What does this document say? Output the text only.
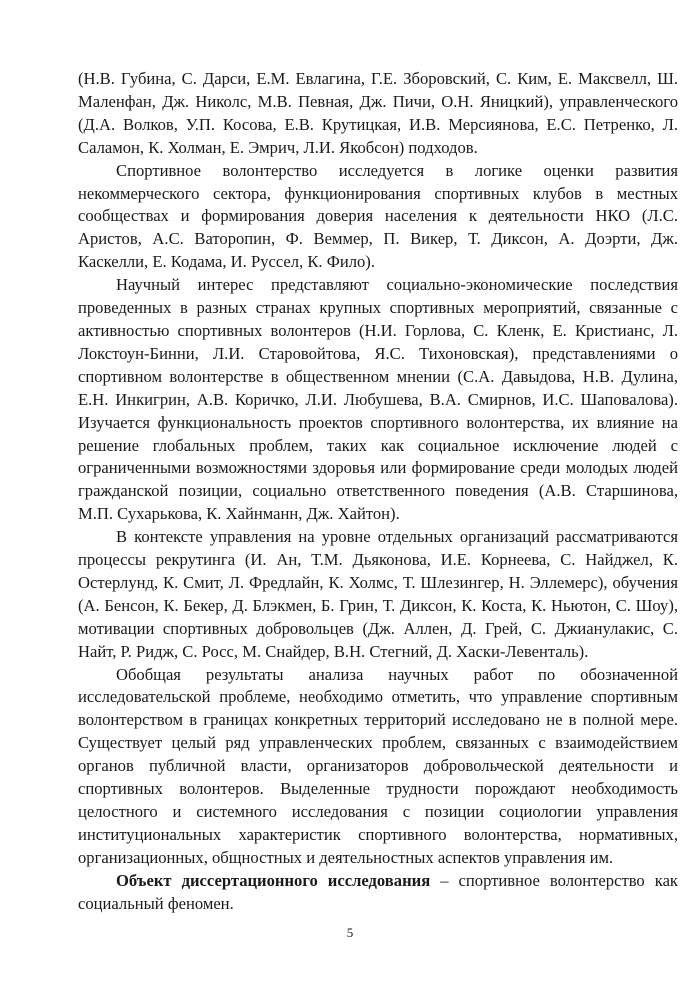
(Н.В. Губина, С. Дарси, Е.М. Евлагина, Г.Е. Зборовский, С. Ким, Е. Максвелл, Ш. Маленфан, Дж. Николс, М.В. Певная, Дж. Пичи, О.Н. Яницкий), управленческого (Д.А. Волков, У.П. Косова, Е.В. Крутицкая, И.В. Мерсиянова, Е.С. Петренко, Л. Саламон, К. Холман, Е. Эмрич, Л.И. Якобсон) подходов.

Спортивное волонтерство исследуется в логике оценки развития некоммерческого сектора, функционирования спортивных клубов в местных сообществах и формирования доверия населения к деятельности НКО (Л.С. Аристов, А.С. Ваторопин, Ф. Веммер, П. Викер, Т. Диксон, А. Доэрти, Дж. Каскелли, Е. Кодама, И. Руссел, К. Фило).

Научный интерес представляют социально-экономические последствия проведенных в разных странах крупных спортивных мероприятий, связанные с активностью спортивных волонтеров (Н.И. Горлова, С. Кленк, Е. Кристианс, Л. Локстоун-Бинни, Л.И. Старовойтова, Я.С. Тихоновская), представлениями о спортивном волонтерстве в общественном мнении (С.А. Давыдова, Н.В. Дулина, Е.Н. Инкигрин, А.В. Коричко, Л.И. Любушева, В.А. Смирнов, И.С. Шаповалова). Изучается функциональность проектов спортивного волонтерства, их влияние на решение глобальных проблем, таких как социальное исключение людей с ограниченными возможностями здоровья или формирование среди молодых людей гражданской позиции, социально ответственного поведения (А.В. Старшинова, М.П. Сухарькова, К. Хайнманн, Дж. Хайтон).

В контексте управления на уровне отдельных организаций рассматриваются процессы рекрутинга (И. Ан, Т.М. Дьяконова, И.Е. Корнеева, С. Найджел, К. Остерлунд, К. Смит, Л. Фредлайн, К. Холмс, Т. Шлезингер, Н. Эллемерс), обучения (А. Бенсон, К. Бекер, Д. Блэкмен, Б. Грин, Т. Диксон, К. Коста, К. Ньютон, С. Шоу), мотивации спортивных добровольцев (Дж. Аллен, Д. Грей, С. Джианулакис, С. Найт, Р. Ридж, С. Росс, М. Снайдер, В.Н. Стегний, Д. Хаски-Левенталь).

Обобщая результаты анализа научных работ по обозначенной исследовательской проблеме, необходимо отметить, что управление спортивным волонтерством в границах конкретных территорий исследовано не в полной мере. Существует целый ряд управленческих проблем, связанных с взаимодействием органов публичной власти, организаторов добровольческой деятельности и спортивных волонтеров. Выделенные трудности порождают необходимость целостного и системного исследования с позиции социологии управления институциональных характеристик спортивного волонтерства, нормативных, организационных, общностных и деятельностных аспектов управления им.

Объект диссертационного исследования – спортивное волонтерство как социальный феномен.

5
